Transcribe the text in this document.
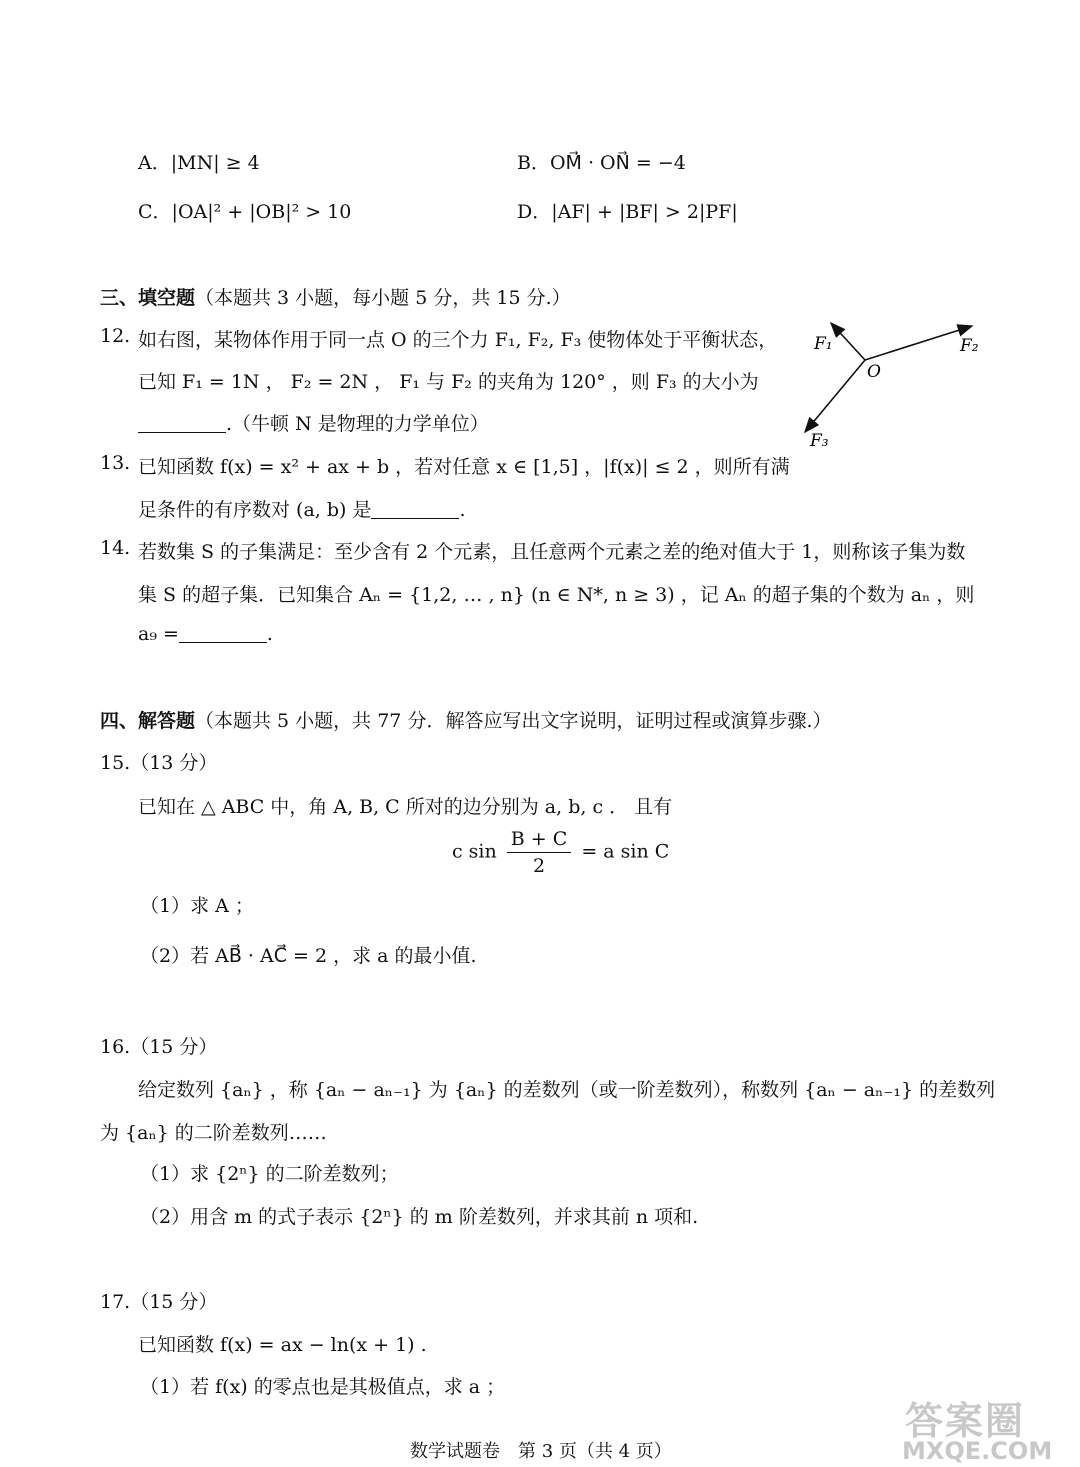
A．|MN| ≥ 4	B．OM⃗ · ON⃗ = −4
C．|OA|² + |OB|² > 10	D．|AF| + |BF| > 2|PF|
三、填空题（本题共 3 小题，每小题 5 分，共 15 分.）
12. 如右图，某物体作用于同一点 O 的三个力 F₁, F₂, F₃ 使物体处于平衡状态，
已知 F₁ = 1N ， F₂ = 2N ， F₁ 与 F₂ 的夹角为 120° ，则 F₃ 的大小为
.（牛顿 N 是物理的力学单位）
F₁	F₂
O
F₃
13. 已知函数 f(x) = x² + ax + b ，若对任意 x ∈ [1,5] ，|f(x)| ≤ 2 ，则所有满
足条件的有序数对 (a, b) 是	.
14. 若数集 S 的子集满足：至少含有 2 个元素，且任意两个元素之差的绝对值大于 1，则称该子集为数
集 S 的超子集．已知集合 Aₙ = {1,2, … , n} (n ∈ N*, n ≥ 3) ，记 Aₙ 的超子集的个数为 aₙ ，则
a₉ =	.
四、解答题（本题共 5 小题，共 77 分．解答应写出文字说明，证明过程或演算步骤.）
15.（13 分）
已知在 △ ABC 中，角 A, B, C 所对的边分别为 a, b, c ． 且有
c $\sin \frac{B + C}{2} = a$ sin C
（1）求 A ；
（2）若 AB⃗ · AC⃗ = 2 ，求 a 的最小值.
16.（15 分）
给定数列 {aₙ} ，称 {aₙ − aₙ₋₁} 为 {aₙ} 的差数列（或一阶差数列），称数列 {aₙ − aₙ₋₁} 的差数列
为 {aₙ} 的二阶差数列……
（1）求 {2ⁿ} 的二阶差数列；
（2）用含 m 的式子表示 {2ⁿ} 的 m 阶差数列，并求其前 n 项和.
17.（15 分）
已知函数 f(x) = ax − ln(x + 1) .
（1）若 f(x) 的零点也是其极值点，求 a ；
数学试题卷　第 3 页（共 4 页）
答案圈
MXQE.COM
